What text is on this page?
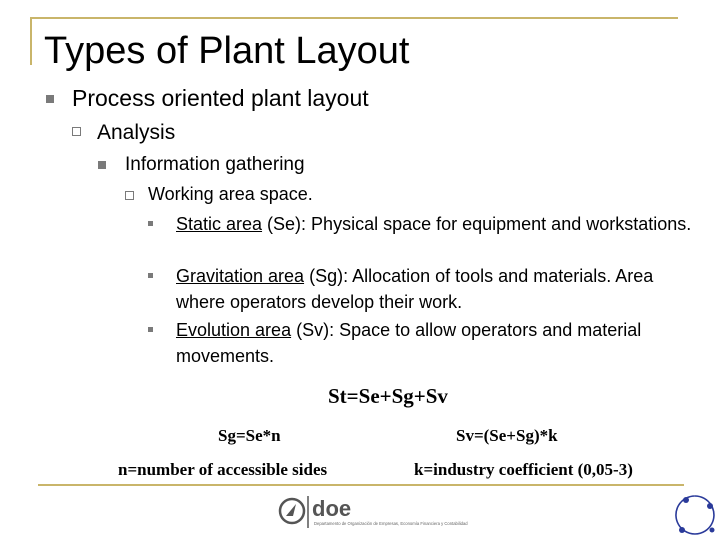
Types of Plant Layout
Process oriented plant layout
Analysis
Information gathering
Working area space.
Static area (Se): Physical space for equipment and workstations.
Gravitation area (Sg): Allocation of tools and materials. Area where operators develop their work.
Evolution area (Sv): Space to allow operators and material movements.
St=Se+Sg+Sv
Sg=Se*n	Sv=(Se+Sg)*k
n=number of accessible sides	k=industry coefficient (0,05-3)
doe
Departamento de Organización de Empresas, Economía Financiera y Contabilidad
